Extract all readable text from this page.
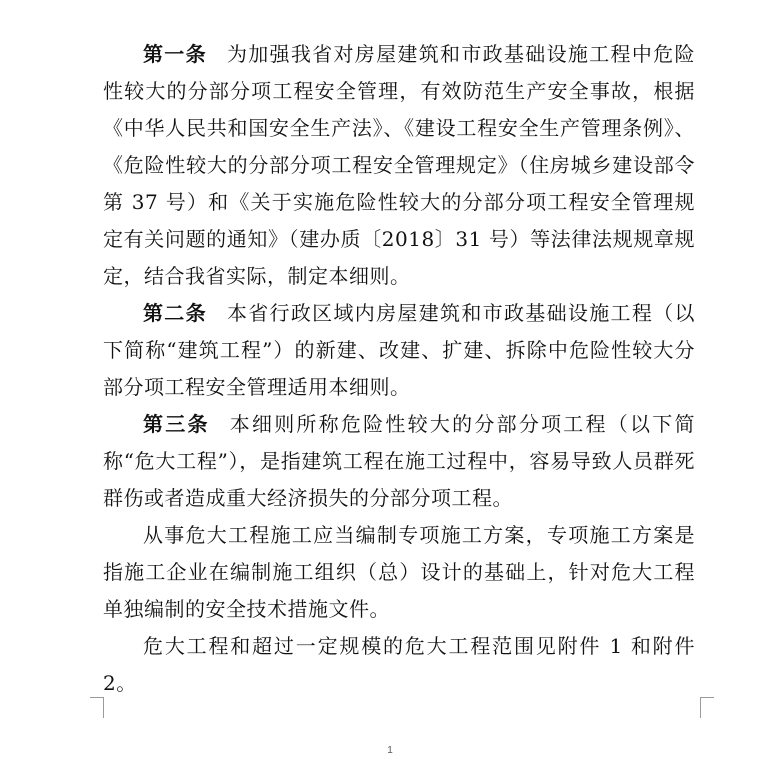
第一条 为加强我省对房屋建筑和市政基础设施工程中危险性较大的分部分项工程安全管理，有效防范生产安全事故，根据《中华人民共和国安全生产法》、《建设工程安全生产管理条例》、《危险性较大的分部分项工程安全管理规定》（住房城乡建设部令第 37 号）和《关于实施危险性较大的分部分项工程安全管理规定有关问题的通知》（建办质〔2018〕31 号）等法律法规规章规定，结合我省实际，制定本细则。

第二条 本省行政区域内房屋建筑和市政基础设施工程（以下简称“建筑工程”）的新建、改建、扩建、拆除中危险性较大分部分项工程安全管理适用本细则。

第三条 本细则所称危险性较大的分部分项工程（以下简称“危大工程”），是指建筑工程在施工过程中，容易导致人员群死群伤或者造成重大经济损失的分部分项工程。

从事危大工程施工应当编制专项施工方案，专项施工方案是指施工企业在编制施工组织（总）设计的基础上，针对危大工程单独编制的安全技术措施文件。

危大工程和超过一定规模的危大工程范围见附件 1 和附件 2。

1
